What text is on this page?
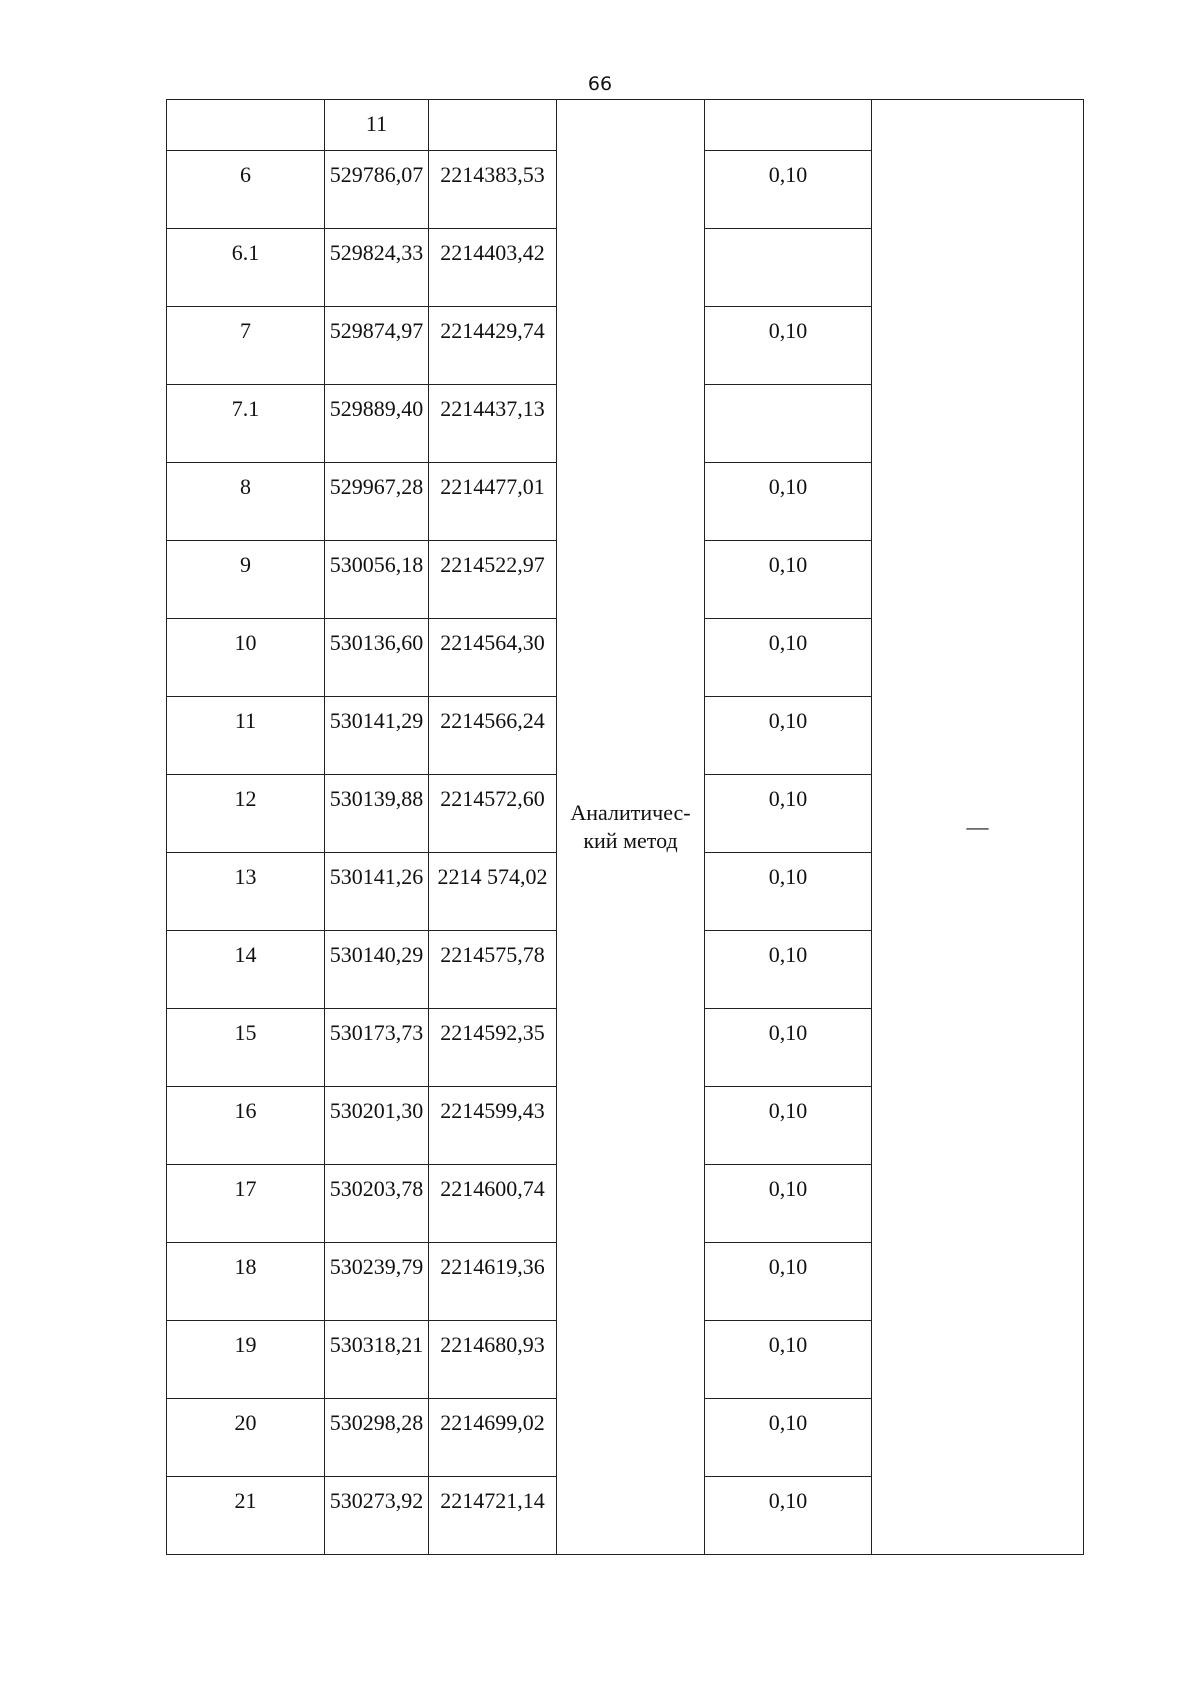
66
	11		Аналитичес-кий метод		—
6	529786,07	2214383,53		0,10	
6.1	529824,33	2214403,42			
7	529874,97	2214429,74		0,10	
7.1	529889,40	2214437,13			
8	529967,28	2214477,01		0,10	
9	530056,18	2214522,97		0,10	
10	530136,60	2214564,30		0,10	
11	530141,29	2214566,24		0,10	
12	530139,88	2214572,60		0,10	
13	530141,26	2214 574,02		0,10	
14	530140,29	2214575,78		0,10	
15	530173,73	2214592,35		0,10	
16	530201,30	2214599,43		0,10	
17	530203,78	2214600,74		0,10	
18	530239,79	2214619,36		0,10	
19	530318,21	2214680,93		0,10	
20	530298,28	2214699,02		0,10	
21	530273,92	2214721,14		0,10	
